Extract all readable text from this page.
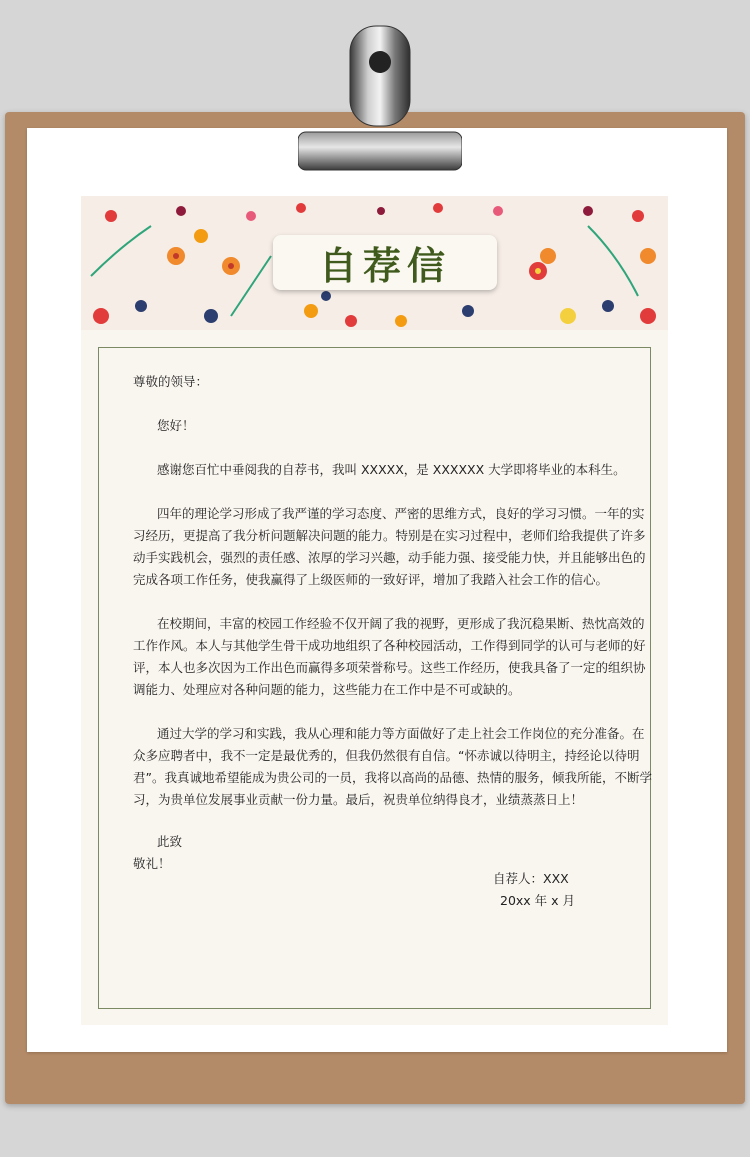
自荐信
尊敬的领导：
您好！
感谢您百忙中垂阅我的自荐书，我叫 XXXXX，是 XXXXXX 大学即将毕业的本科生。
四年的理论学习形成了我严谨的学习态度、严密的思维方式，良好的学习习惯。一年的实
习经历，更提高了我分析问题解决问题的能力。特别是在实习过程中，老师们给我提供了许多
动手实践机会，强烈的责任感、浓厚的学习兴趣，动手能力强、接受能力快，并且能够出色的
完成各项工作任务，使我赢得了上级医师的一致好评，增加了我踏入社会工作的信心。
在校期间，丰富的校园工作经验不仅开阔了我的视野，更形成了我沉稳果断、热忱高效的
工作作风。本人与其他学生骨干成功地组织了各种校园活动，工作得到同学的认可与老师的好
评，本人也多次因为工作出色而赢得多项荣誉称号。这些工作经历，使我具备了一定的组织协
调能力、处理应对各种问题的能力，这些能力在工作中是不可或缺的。
通过大学的学习和实践，我从心理和能力等方面做好了走上社会工作岗位的充分准备。在
众多应聘者中，我不一定是最优秀的，但我仍然很有自信。“怀赤诚以待明主，持经论以待明
君”。我真诚地希望能成为贵公司的一员，我将以高尚的品德、热情的服务，倾我所能，不断学
习，为贵单位发展事业贡献一份力量。最后，祝贵单位纳得良才，业绩蒸蒸日上！
此致
敬礼！
自荐人：XXX
20xx 年 x 月
